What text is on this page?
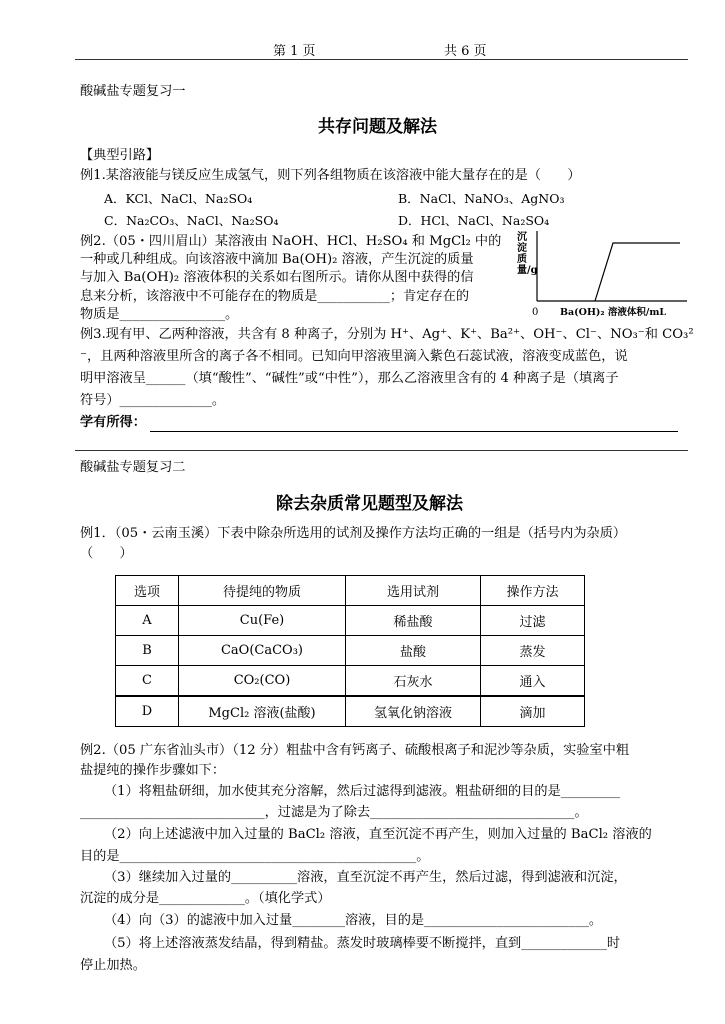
第 1 页	共 6 页
酸碱盐专题复习一
共存问题及解法
【典型引路】
例1.某溶液能与镁反应生成氢气，则下列各组物质在该溶液中能大量存在的是（　　）
A．KCl、NaCl、Na₂SO₄	B．NaCl、NaNO₃、AgNO₃
C．Na₂CO₃、NaCl、Na₂SO₄	D．HCl、NaCl、Na₂SO₄
例2.（05・四川眉山）某溶液由 NaOH、HCl、H₂SO₄ 和 MgCl₂ 中的
一种或几种组成。向该溶液中滴加 Ba(OH)₂ 溶液，产生沉淀的质量
与加入 Ba(OH)₂ 溶液体积的关系如右图所示。请你从图中获得的信
息来分析，该溶液中不可能存在的物质是___________；肯定存在的
物质是________________。	0 Ba(OH)₂ 溶液体积/mL
沉淀质量/g
例3.现有甲、乙两种溶液，共含有 8 种离子，分别为 H⁺、Ag⁺、K⁺、Ba²⁺、OH⁻、Cl⁻、NO₃⁻和 CO₃²
⁻，且两种溶液里所含的离子各不相同。已知向甲溶液里滴入紫色石蕊试液，溶液变成蓝色，说
明甲溶液呈______（填“酸性”、“碱性”或“中性”），那么乙溶液里含有的 4 种离子是（填离子
符号）______________。
学有所得：
酸碱盐专题复习二
除去杂质常见题型及解法
例1．（05・云南玉溪）下表中除杂所选用的试剂及操作方法均正确的一组是（括号内为杂质）
（　　）
选项	待提纯的物质	选用试剂	操作方法
A	Cu(Fe)	稀盐酸	过滤
B	CaO(CaCO₃)	盐酸	蒸发
C	CO₂(CO)	石灰水	通入
D	MgCl₂ 溶液(盐酸)	氢氧化钠溶液	滴加
例2.（05 广东省汕头市）（12 分）粗盐中含有钙离子、硫酸根离子和泥沙等杂质，实验室中粗
盐提纯的操作步骤如下：
（1）将粗盐研细，加水使其充分溶解，然后过滤得到滤液。粗盐研细的目的是_________
____________________________，过滤是为了除去_______________________________。
（2）向上述滤液中加入过量的 BaCl₂ 溶液，直至沉淀不再产生，则加入过量的 BaCl₂ 溶液的
目的是_____________________________________________。
（3）继续加入过量的__________溶液，直至沉淀不再产生，然后过滤，得到滤液和沉淀，
沉淀的成分是_____________。（填化学式）
（4）向（3）的滤液中加入过量________溶液，目的是_________________________。
（5）将上述溶液蒸发结晶，得到精盐。蒸发时玻璃棒要不断搅拌，直到_____________时
停止加热。
